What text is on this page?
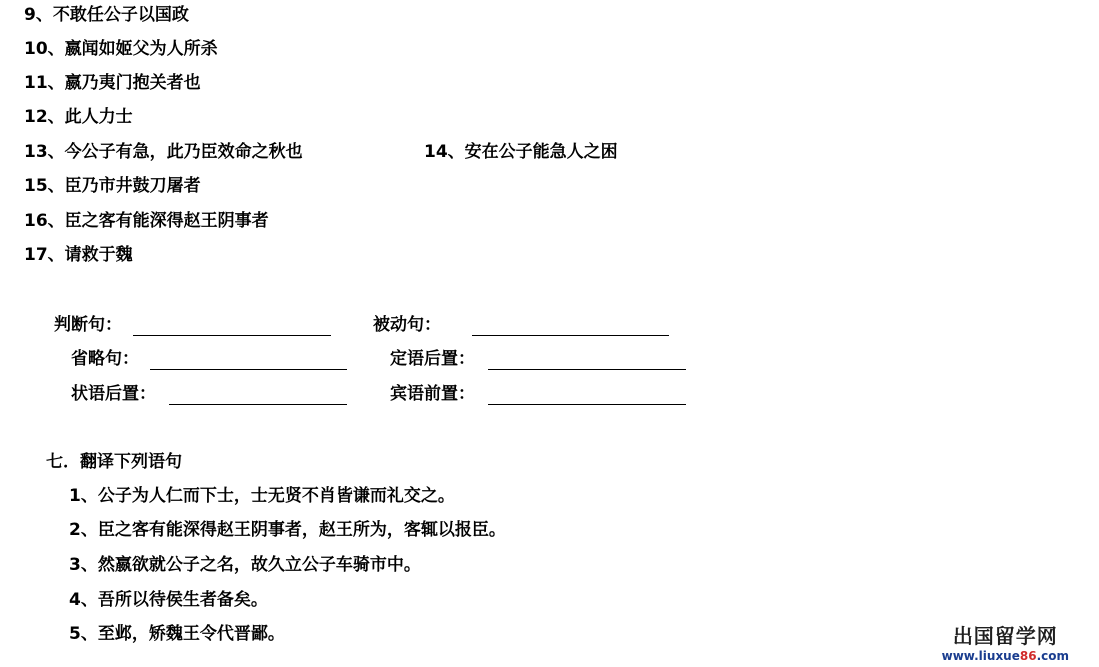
9、不敢任公子以国政
10、嬴闻如姬父为人所杀
11、嬴乃夷门抱关者也
12、此人力士
13、今公子有急，此乃臣效命之秋也	14、安在公子能急人之困
15、臣乃市井鼓刀屠者
16、臣之客有能深得赵王阴事者
17、请救于魏
判断句：	被动句：
省略句：	定语后置：
状语后置：	宾语前置：
七．翻译下列语句
1、公子为人仁而下士，士无贤不肖皆谦而礼交之。
2、臣之客有能深得赵王阴事者，赵王所为，客辄以报臣。
3、然嬴欲就公子之名，故久立公子车骑市中。
4、吾所以待侯生者备矣。
5、至邺，矫魏王令代晋鄙。	出国留学网
www.liuxue86.com
